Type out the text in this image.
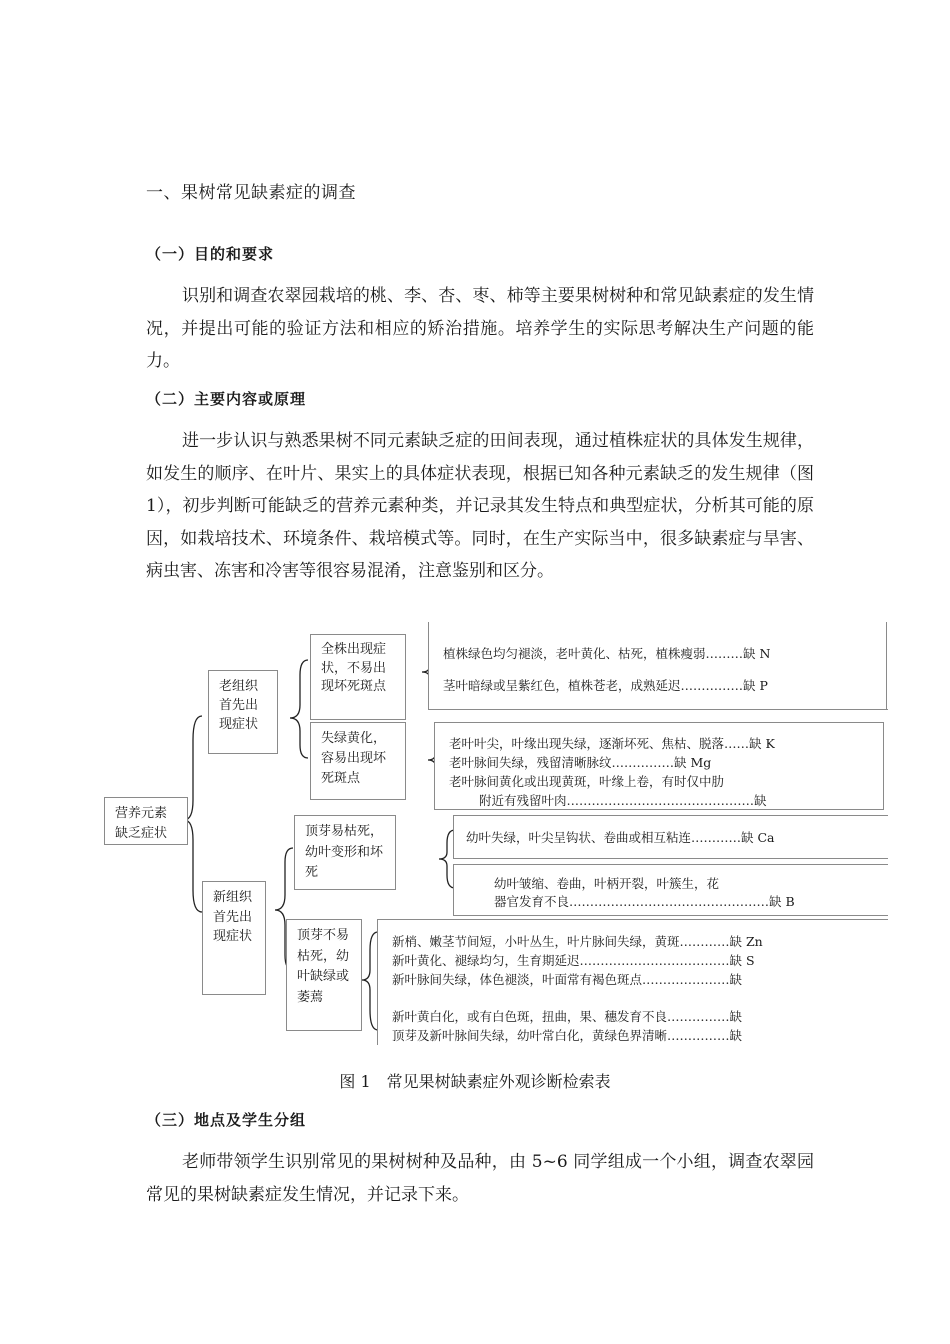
一、果树常见缺素症的调查
（一）目的和要求

识别和调查农翠园栽培的桃、李、杏、枣、柿等主要果树树种和常见缺素症的发生情况，并提出可能的验证方法和相应的矫治措施。培养学生的实际思考解决生产问题的能力。

（二）主要内容或原理

进一步认识与熟悉果树不同元素缺乏症的田间表现，通过植株症状的具体发生规律，如发生的顺序、在叶片、果实上的具体症状表现，根据已知各种元素缺乏的发生规律（图 1），初步判断可能缺乏的营养元素种类，并记录其发生特点和典型症状，分析其可能的原因，如栽培技术、环境条件、栽培模式等。同时，在生产实际当中，很多缺素症与旱害、病虫害、冻害和冷害等很容易混淆，注意鉴别和区分。

营养元素缺乏症状
老组织首先出现症状
新组织首先出现症状
全株出现症状，不易出现坏死斑点
失绿黄化，容易出现坏死斑点
顶芽易枯死，幼叶变形和坏死
顶芽不易枯死，幼叶缺绿或萎蔫
植株绿色均匀褪淡，老叶黄化、枯死，植株瘦弱………缺 N
茎叶暗绿或呈紫红色，植株苍老，成熟延迟……………缺 P
老叶叶尖，叶缘出现失绿，逐渐坏死、焦枯、脱落……缺 K
老叶脉间失绿，残留清晰脉纹……………缺 Mg
老叶脉间黄化或出现黄斑，叶缘上卷，有时仅中肋
附近有残留叶肉………………………………………缺
幼叶失绿，叶尖呈钩状、卷曲或相互粘连…………缺 Ca
幼叶皱缩、卷曲，叶柄开裂，叶簇生，花
器官发育不良…………………………………………缺 B
新梢、嫩茎节间短，小叶丛生，叶片脉间失绿，黄斑…………缺 Zn
新叶黄化、褪绿均匀，生育期延迟………………………………缺 S
新叶脉间失绿，体色褪淡，叶面常有褐色斑点…………………缺
新叶黄白化，或有白色斑，扭曲，果、穗发育不良……………缺
顶芽及新叶脉间失绿，幼叶常白化，黄绿色界清晰……………缺
图 1　常见果树缺素症外观诊断检索表
（三）地点及学生分组

老师带领学生识别常见的果树树种及品种，由 5~6 同学组成一个小组，调查农翠园常见的果树缺素症发生情况，并记录下来。
